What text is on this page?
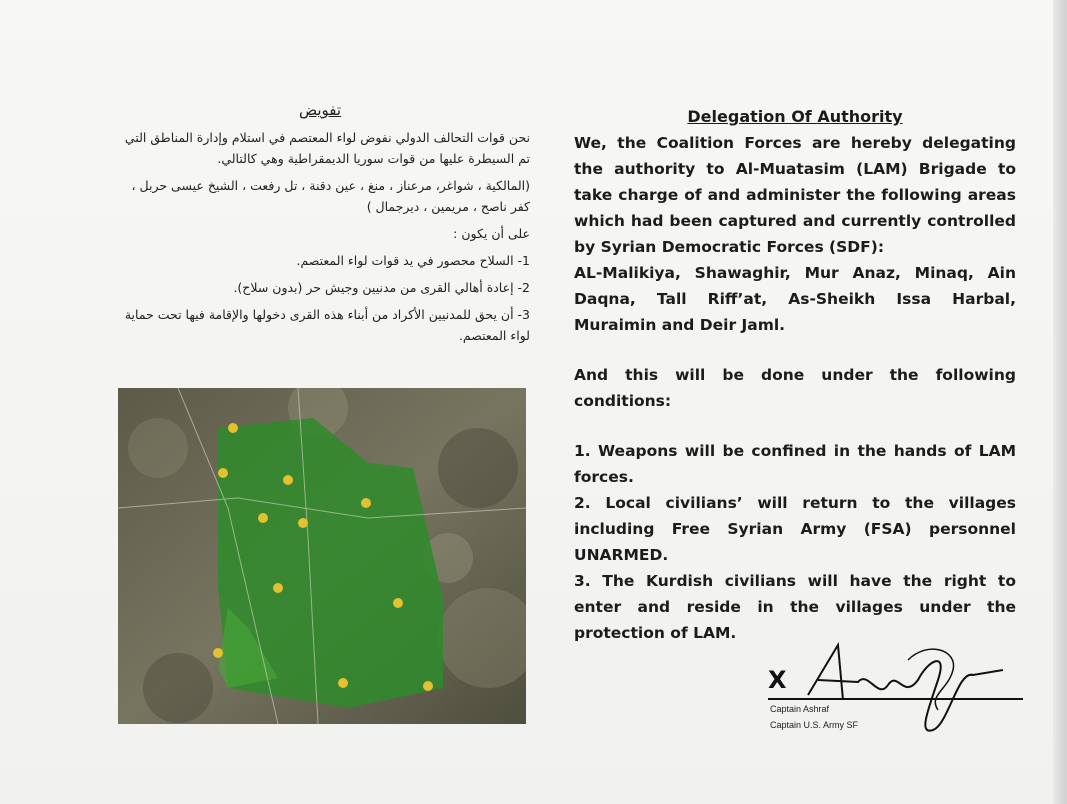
تفويض

نحن قوات التحالف الدولي نفوض لواء المعتصم في استلام وإدارة المناطق التي تم السيطرة عليها من قوات سوريا الديمقراطية وهي كالتالي.

(المالكية ، شواغر، مرعناز ، منغ ، عين دقنة ، تل رفعت ، الشيخ عيسى حربل ، كفر ناصح ، مريمين ، ديرجمال )

على أن يكون :

1- السلاح محصور في يد قوات لواء المعتصم.

2- إعادة أهالي القرى من مدنيين وجيش حر (بدون سلاح).

3- أن يحق للمدنيين الأكراد من أبناء هذه القرى دخولها والإقامة فيها تحت حماية لواء المعتصم.

Delegation Of Authority

We, the Coalition Forces are hereby delegating the authority to Al-Muatasim (LAM) Brigade to take charge of and administer the following areas which had been captured and currently controlled by Syrian Democratic Forces (SDF):

AL-Malikiya, Shawaghir, Mur Anaz, Minaq, Ain Daqna, Tall Riff’at, As-Sheikh Issa Harbal, Muraimin and Deir Jaml.

And this will be done under the following conditions:

1. Weapons will be confined in the hands of LAM forces.

2. Local civilians’ will return to the villages including Free Syrian Army (FSA) personnel UNARMED.

3. The Kurdish civilians will have the right to enter and reside in the villages under the protection of LAM.

X
Captain Ashraf
Captain U.S. Army SF
